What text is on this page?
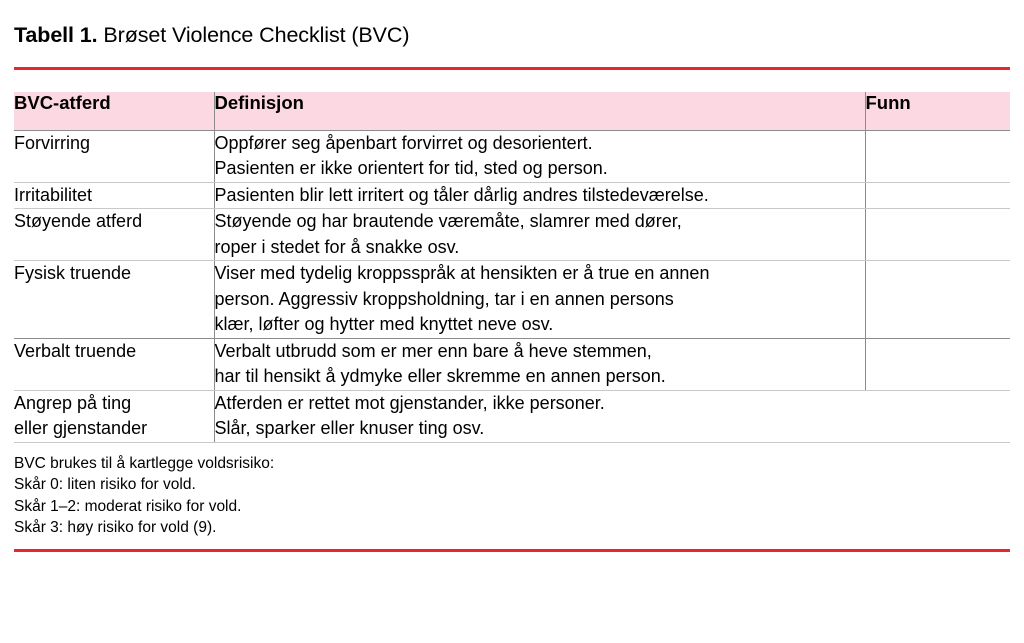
Tabell 1. Brøset Violence Checklist (BVC)
BVC-atferd	Definisjon	Funn

Forvirring	Oppfører seg åpenbart forvirret og desorientert.
Pasienten er ikke orientert for tid, sted og person.	

Irritabilitet	Pasienten blir lett irritert og tåler dårlig andres tilstedeværelse.	

Støyende atferd	Støyende og har brautende væremåte, slamrer med dører,
roper i stedet for å snakke osv.	

Fysisk truende	Viser med tydelig kroppsspråk at hensikten er å true en annen
person. Aggressiv kroppsholdning, tar i en annen persons
klær, løfter og hytter med knyttet neve osv.	

Verbalt truende	Verbalt utbrudd som er mer enn bare å heve stemmen,
har til hensikt å ydmyke eller skremme en annen person.	

Angrep på ting
eller gjenstander	Atferden er rettet mot gjenstander, ikke personer.
Slår, sparker eller knuser ting osv.	

BVC brukes til å kartlegge voldsrisiko:
Skår 0: liten risiko for vold.
Skår 1–2: moderat risiko for vold.
Skår 3: høy risiko for vold (9).
